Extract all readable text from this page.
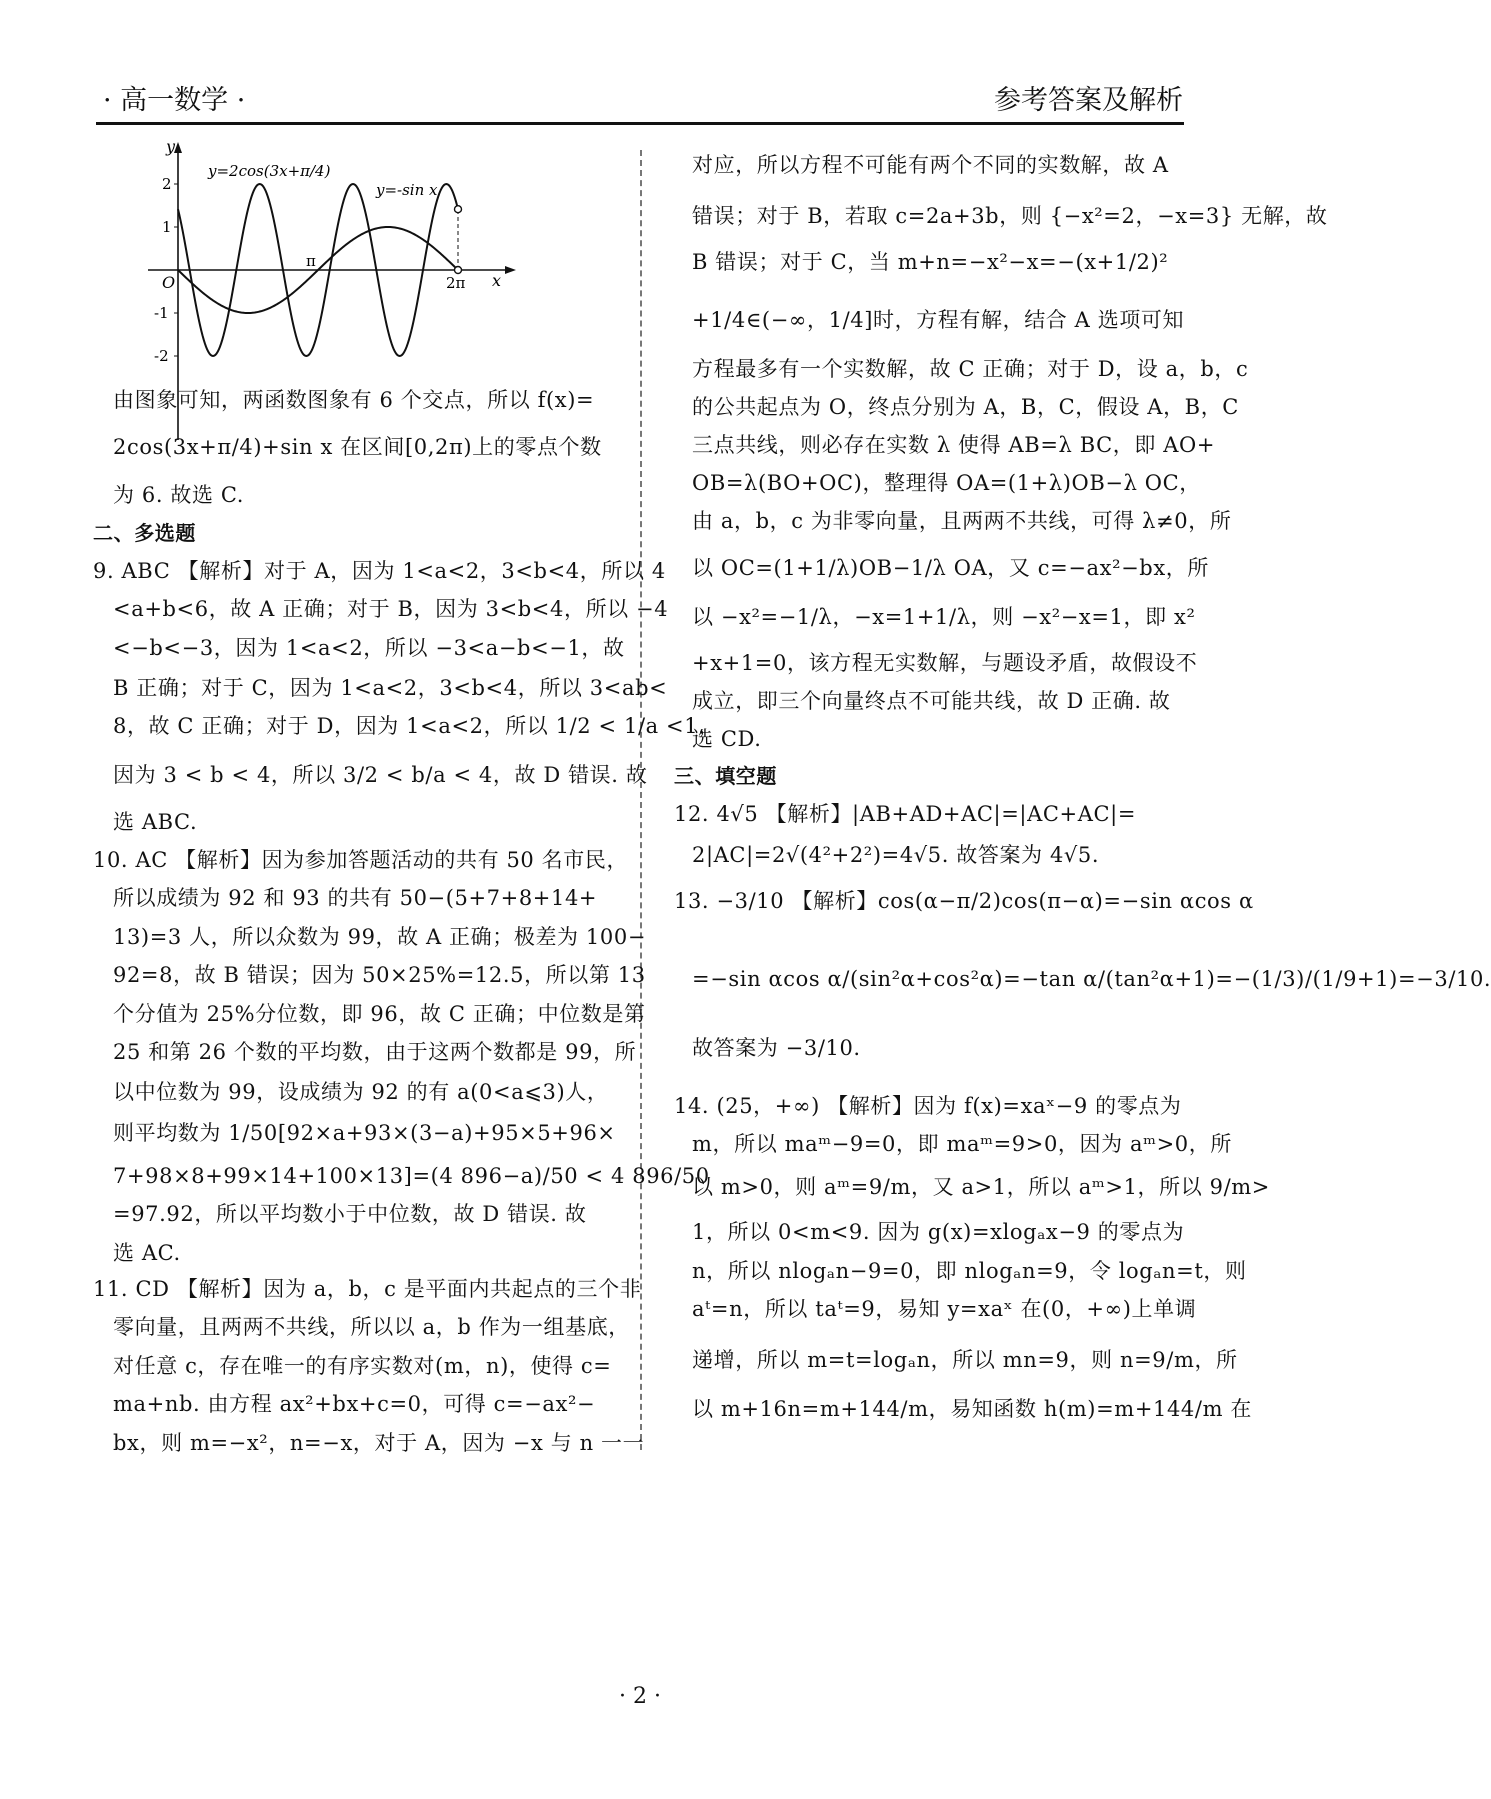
· 高一数学 ·	参考答案及解析
y
x
O
2
1
-1
-2
π
2π
y=2cos(3x+π/4)
y=-sin x
由图象可知，两函数图象有 6 个交点，所以 f(x)=
2cos(3x+π/4)+sin x 在区间[0,2π)上的零点个数
为 6. 故选 C.
二、多选题
9. ABC 【解析】对于 A，因为 1<a<2，3<b<4，所以 4
<a+b<6，故 A 正确；对于 B，因为 3<b<4，所以 −4
<−b<−3，因为 1<a<2，所以 −3<a−b<−1，故
B 正确；对于 C，因为 1<a<2，3<b<4，所以 3<ab<
8，故 C 正确；对于 D，因为 1<a<2，所以 1/2 < 1/a <1，
因为 3 < b < 4，所以 3/2 < b/a < 4，故 D 错误. 故
选 ABC.
10. AC 【解析】因为参加答题活动的共有 50 名市民，
所以成绩为 92 和 93 的共有 50−(5+7+8+14+
13)=3 人，所以众数为 99，故 A 正确；极差为 100−
92=8，故 B 错误；因为 50×25%=12.5，所以第 13
个分值为 25%分位数，即 96，故 C 正确；中位数是第
25 和第 26 个数的平均数，由于这两个数都是 99，所
以中位数为 99，设成绩为 92 的有 a(0<a⩽3)人，
则平均数为 1/50[92×a+93×(3−a)+95×5+96×
7+98×8+99×14+100×13]=(4 896−a)/50 < 4 896/50
=97.92，所以平均数小于中位数，故 D 错误. 故
选 AC.
11. CD 【解析】因为 a，b，c 是平面内共起点的三个非
零向量，且两两不共线，所以以 a，b 作为一组基底，
对任意 c，存在唯一的有序实数对(m，n)，使得 c=
ma+nb. 由方程 ax²+bx+c=0，可得 c=−ax²−
bx，则 m=−x²，n=−x，对于 A，因为 −x 与 n 一一
对应，所以方程不可能有两个不同的实数解，故 A
错误；对于 B，若取 c=2a+3b，则 {−x²=2，−x=3} 无解，故
B 错误；对于 C，当 m+n=−x²−x=−(x+1/2)²
+1/4∈(−∞，1/4]时，方程有解，结合 A 选项可知
方程最多有一个实数解，故 C 正确；对于 D，设 a，b，c
的公共起点为 O，终点分别为 A，B，C，假设 A，B，C
三点共线，则必存在实数 λ 使得 AB=λ BC，即 AO+
OB=λ(BO+OC)，整理得 OA=(1+λ)OB−λ OC，
由 a，b，c 为非零向量，且两两不共线，可得 λ≠0，所
以 OC=(1+1/λ)OB−1/λ OA，又 c=−ax²−bx，所
以 −x²=−1/λ，−x=1+1/λ，则 −x²−x=1，即 x²
+x+1=0，该方程无实数解，与题设矛盾，故假设不
成立，即三个向量终点不可能共线，故 D 正确. 故
选 CD.
三、填空题
12. 4√5 【解析】|AB+AD+AC|=|AC+AC|=
2|AC|=2√(4²+2²)=4√5. 故答案为 4√5.
13. −3/10 【解析】cos(α−π/2)cos(π−α)=−sin αcos α
=−sin αcos α/(sin²α+cos²α)=−tan α/(tan²α+1)=−(1/3)/(1/9+1)=−3/10.
故答案为 −3/10.
14. (25，+∞) 【解析】因为 f(x)=xaˣ−9 的零点为
m，所以 maᵐ−9=0，即 maᵐ=9>0，因为 aᵐ>0，所
以 m>0，则 aᵐ=9/m，又 a>1，所以 aᵐ>1，所以 9/m>
1，所以 0<m<9. 因为 g(x)=xlogₐx−9 的零点为
n，所以 nlogₐn−9=0，即 nlogₐn=9，令 logₐn=t，则
aᵗ=n，所以 taᵗ=9，易知 y=xaˣ 在(0，+∞)上单调
递增，所以 m=t=logₐn，所以 mn=9，则 n=9/m，所
以 m+16n=m+144/m，易知函数 h(m)=m+144/m 在
· 2 ·
